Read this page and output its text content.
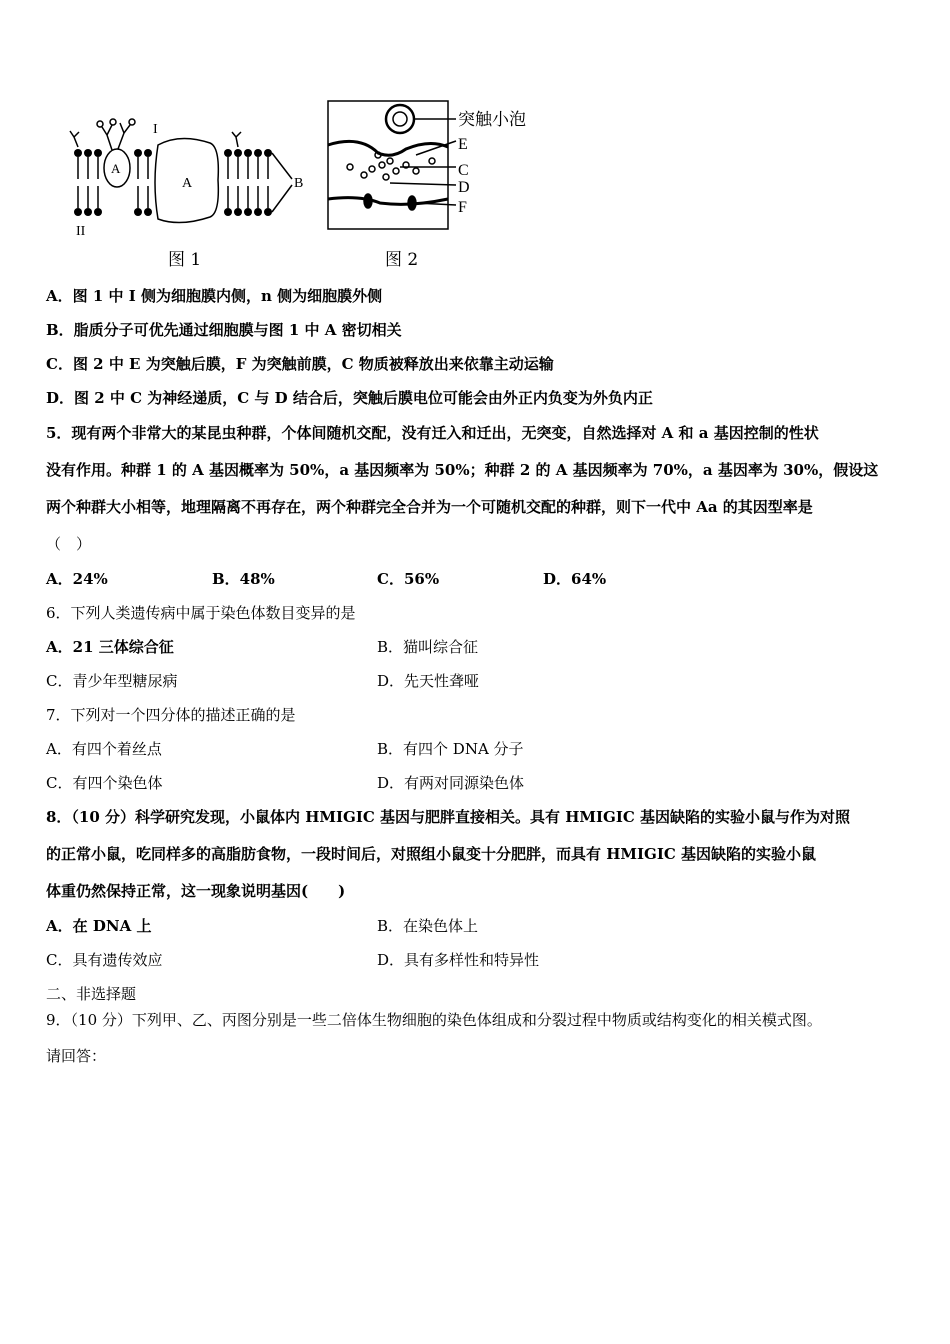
II
I
A
A	B
图 1
突触小泡
E
C
D
F
图 2
A．图 1 中 I 侧为细胞膜内侧，n 侧为细胞膜外侧
B．脂质分子可优先通过细胞膜与图 1 中 A 密切相关
C．图 2 中 E 为突触后膜，F 为突触前膜，C 物质被释放出来依靠主动运输
D．图 2 中 C 为神经递质，C 与 D 结合后，突触后膜电位可能会由外正内负变为外负内正
5．现有两个非常大的某昆虫种群，个体间随机交配，没有迁入和迁出，无突变，自然选择对 A 和 a 基因控制的性状
没有作用。种群 1 的 A 基因概率为 50%，a 基因频率为 50%；种群 2 的 A 基因频率为 70%，a 基因率为 30%，假设这
两个种群大小相等，地理隔离不再存在，两个种群完全合并为一个可随机交配的种群，则下一代中 Aa 的其因型率是
（　）
A．24%	B．48%	C．56%	D．64%
6．下列人类遗传病中属于染色体数目变异的是
A．21 三体综合征	B．猫叫综合征
C．青少年型糖尿病	D．先天性聋哑
7．下列对一个四分体的描述正确的是
A．有四个着丝点	B．有四个 DNA 分子
C．有四个染色体	D．有两对同源染色体
8．（10 分）科学研究发现，小鼠体内 HMIGIC 基因与肥胖直接相关。具有 HMIGIC 基因缺陷的实验小鼠与作为对照
的正常小鼠，吃同样多的高脂肪食物，一段时间后，对照组小鼠变十分肥胖，而具有 HMIGIC 基因缺陷的实验小鼠
体重仍然保持正常，这一现象说明基因(　　)
A．在 DNA 上	B．在染色体上
C．具有遗传效应	D．具有多样性和特异性
二、非选择题
9．（10 分）下列甲、乙、丙图分别是一些二倍体生物细胞的染色体组成和分裂过程中物质或结构变化的相关模式图。
请回答：
